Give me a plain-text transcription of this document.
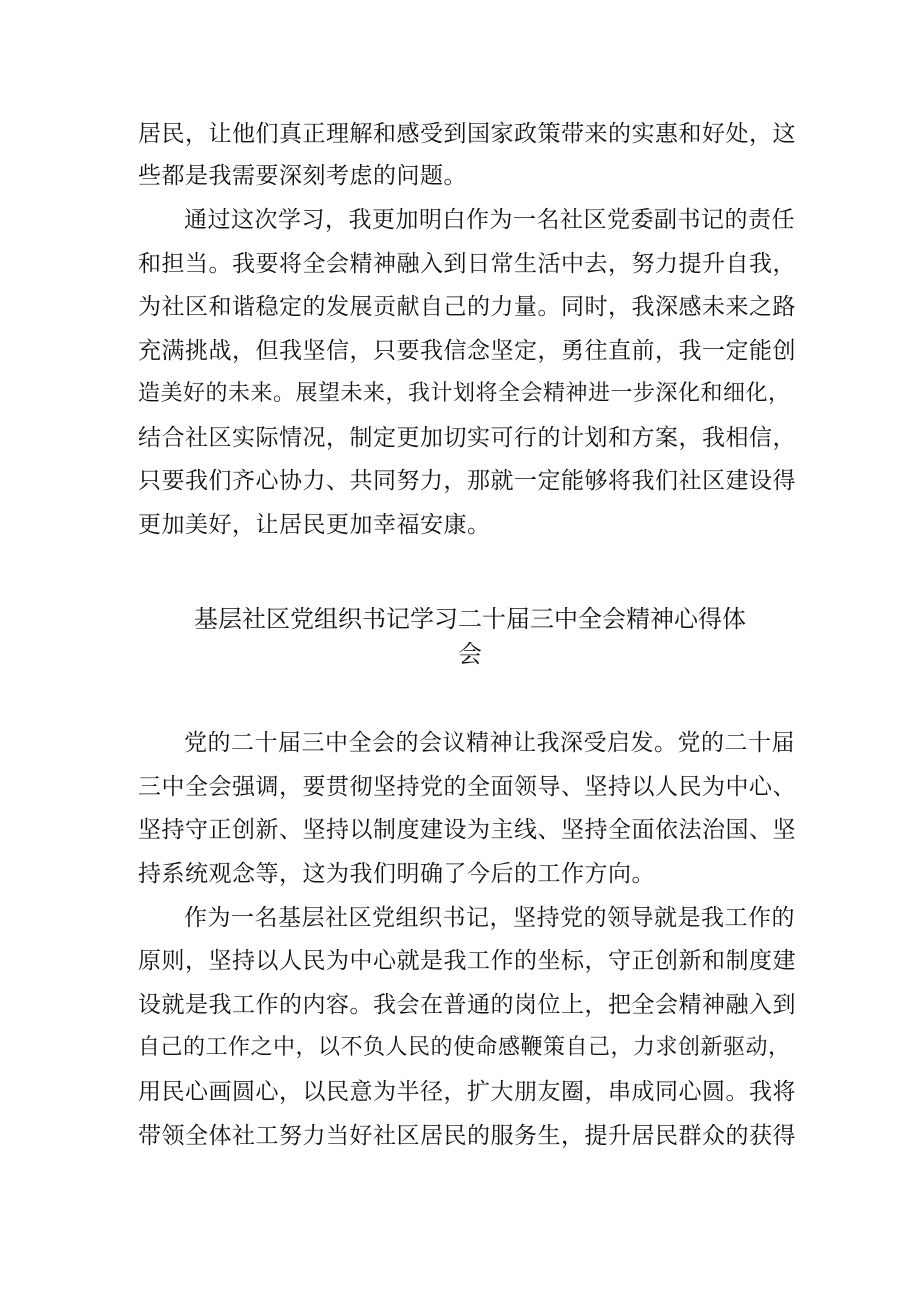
居民，让他们真正理解和感受到国家政策带来的实惠和好处，这
些都是我需要深刻考虑的问题。
通过这次学习，我更加明白作为一名社区党委副书记的责任
和担当。我要将全会精神融入到日常生活中去，努力提升自我，
为社区和谐稳定的发展贡献自己的力量。同时，我深感未来之路
充满挑战，但我坚信，只要我信念坚定，勇往直前，我一定能创
造美好的未来。展望未来，我计划将全会精神进一步深化和细化，
结合社区实际情况，制定更加切实可行的计划和方案，我相信，
只要我们齐心协力、共同努力，那就一定能够将我们社区建设得
更加美好，让居民更加幸福安康。
基层社区党组织书记学习二十届三中全会精神心得体
会
党的二十届三中全会的会议精神让我深受启发。党的二十届
三中全会强调，要贯彻坚持党的全面领导、坚持以人民为中心、
坚持守正创新、坚持以制度建设为主线、坚持全面依法治国、坚
持系统观念等，这为我们明确了今后的工作方向。
作为一名基层社区党组织书记，坚持党的领导就是我工作的
原则，坚持以人民为中心就是我工作的坐标，守正创新和制度建
设就是我工作的内容。我会在普通的岗位上，把全会精神融入到
自己的工作之中，以不负人民的使命感鞭策自己，力求创新驱动，
用民心画圆心，以民意为半径，扩大朋友圈，串成同心圆。我将
带领全体社工努力当好社区居民的服务生，提升居民群众的获得
